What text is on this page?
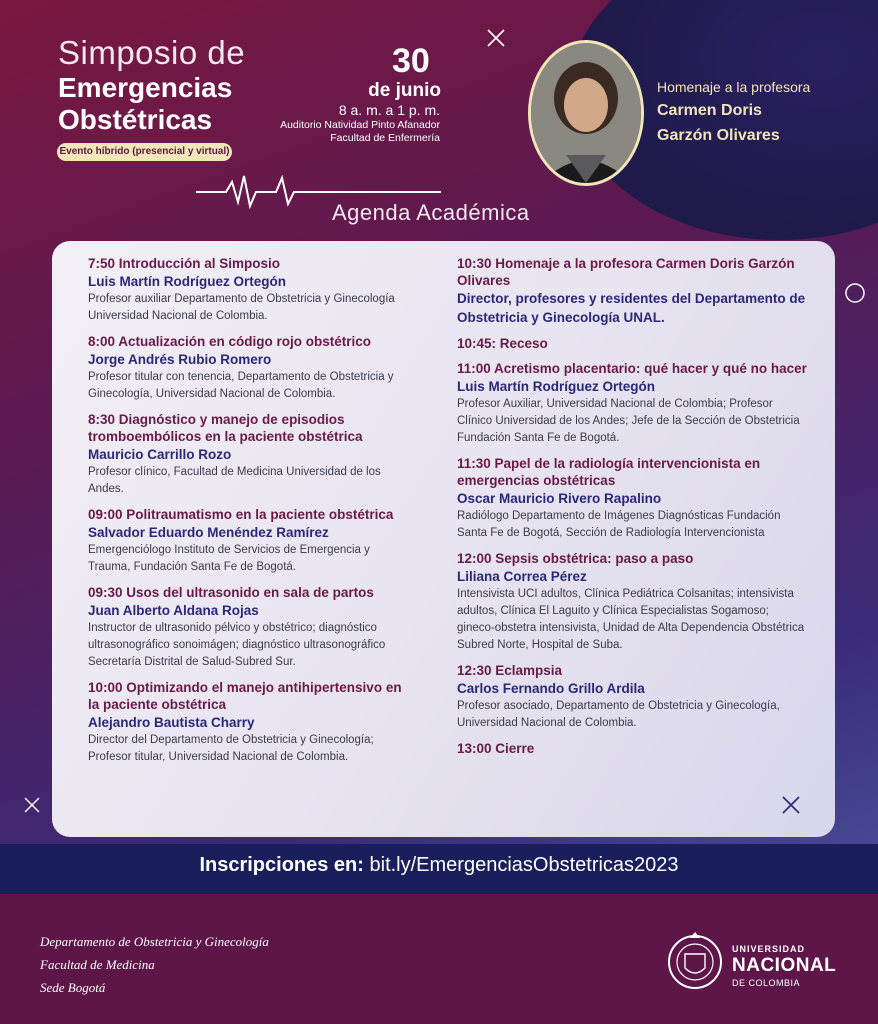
Simposio de
Emergencias
Obstétricas
Evento híbrido (presencial y virtual)
30
de junio
8 a. m. a 1 p. m.
Auditorio Natividad Pinto Afanador
Facultad de Enfermería
Homenaje a la profesora
Carmen Doris
Garzón Olivares
Agenda Académica
7:50 Introducción al Simposio
Luis Martín Rodríguez Ortegón
Profesor auxiliar Departamento de Obstetricia y Ginecología Universidad Nacional de Colombia.
8:00 Actualización en código rojo obstétrico
Jorge Andrés Rubio Romero
Profesor titular con tenencia, Departamento de Obstetricia y Ginecología, Universidad Nacional de Colombia.
8:30 Diagnóstico y manejo de episodios tromboembólicos en la paciente obstétrica
Mauricio Carrillo Rozo
Profesor clínico, Facultad de Medicina Universidad de los Andes.
09:00 Politraumatismo en la paciente obstétrica
Salvador Eduardo Menéndez Ramírez
Emergenciólogo Instituto de Servicios de Emergencia y Trauma, Fundación Santa Fe de Bogotá.
09:30 Usos del ultrasonido en sala de partos
Juan Alberto Aldana Rojas
Instructor de ultrasonido pélvico y obstétrico; diagnóstico ultrasonográfico sonoimágen; diagnóstico ultrasonográfico Secretaría Distrital de Salud-Subred Sur.
10:00 Optimizando el manejo antihipertensivo en la paciente obstétrica
Alejandro Bautista Charry
Director del Departamento de Obstetricia y Ginecología; Profesor titular, Universidad Nacional de Colombia.
10:30 Homenaje a la profesora Carmen Doris Garzón Olivares
Director, profesores y residentes del Departamento de Obstetricia y Ginecología UNAL.
10:45: Receso
11:00 Acretismo placentario: qué hacer y qué no hacer
Luis Martín Rodríguez Ortegón
Profesor Auxiliar, Universidad Nacional de Colombia; Profesor Clínico Universidad de los Andes; Jefe de la Sección de Obstetricia Fundación Santa Fe de Bogotá.
11:30 Papel de la radiología intervencionista en emergencias obstétricas
Oscar Mauricio Rivero Rapalino
Radiólogo Departamento de Imágenes Diagnósticas Fundación Santa Fe de Bogotá, Sección de Radiología Intervencionista
12:00 Sepsis obstétrica: paso a paso
Liliana Correa Pérez
Intensivista UCI adultos, Clínica Pediátrica Colsanitas; intensivista adultos, Clínica El Laguito y Clínica Especialistas Sogamoso; gineco-obstetra intensivista, Unidad de Alta Dependencia Obstétrica Subred Norte, Hospital de Suba.
12:30 Eclampsia
Carlos Fernando Grillo Ardila
Profesor asociado, Departamento de Obstetricia y Ginecología, Universidad Nacional de Colombia.
13:00 Cierre
Inscripciones en: bit.ly/EmergenciasObstetricas2023
Departamento de Obstetricia y Ginecología
Facultad de Medicina
Sede Bogotá
UNIVERSIDAD
NACIONAL
DE COLOMBIA
